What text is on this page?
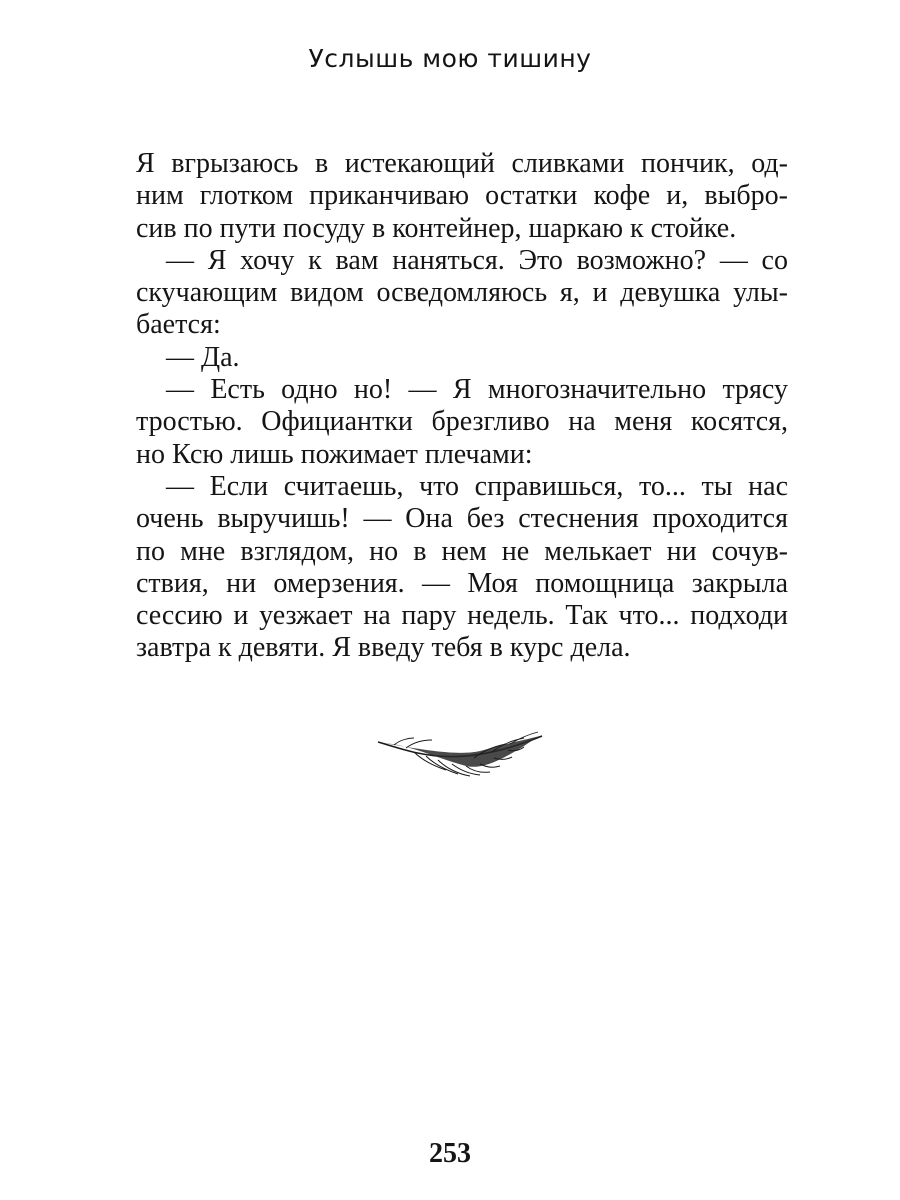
Услышь мою тишину
Я вгрызаюсь в истекающий сливками пончик, од-
ним глотком приканчиваю остатки кофе и, выбро-
сив по пути посуду в контейнер, шаркаю к стойке.
— Я хочу к вам наняться. Это возможно? — со
скучающим видом осведомляюсь я, и девушка улы-
бается:
— Да.
— Есть одно но! — Я многозначительно трясу
тростью. Официантки брезгливо на меня косятся,
но Ксю лишь пожимает плечами:
— Если считаешь, что справишься, то... ты нас
очень выручишь! — Она без стеснения проходится
по мне взглядом, но в нем не мелькает ни сочув-
ствия, ни омерзения. — Моя помощница закрыла
сессию и уезжает на пару недель. Так что... подходи
завтра к девяти. Я введу тебя в курс дела.
253
